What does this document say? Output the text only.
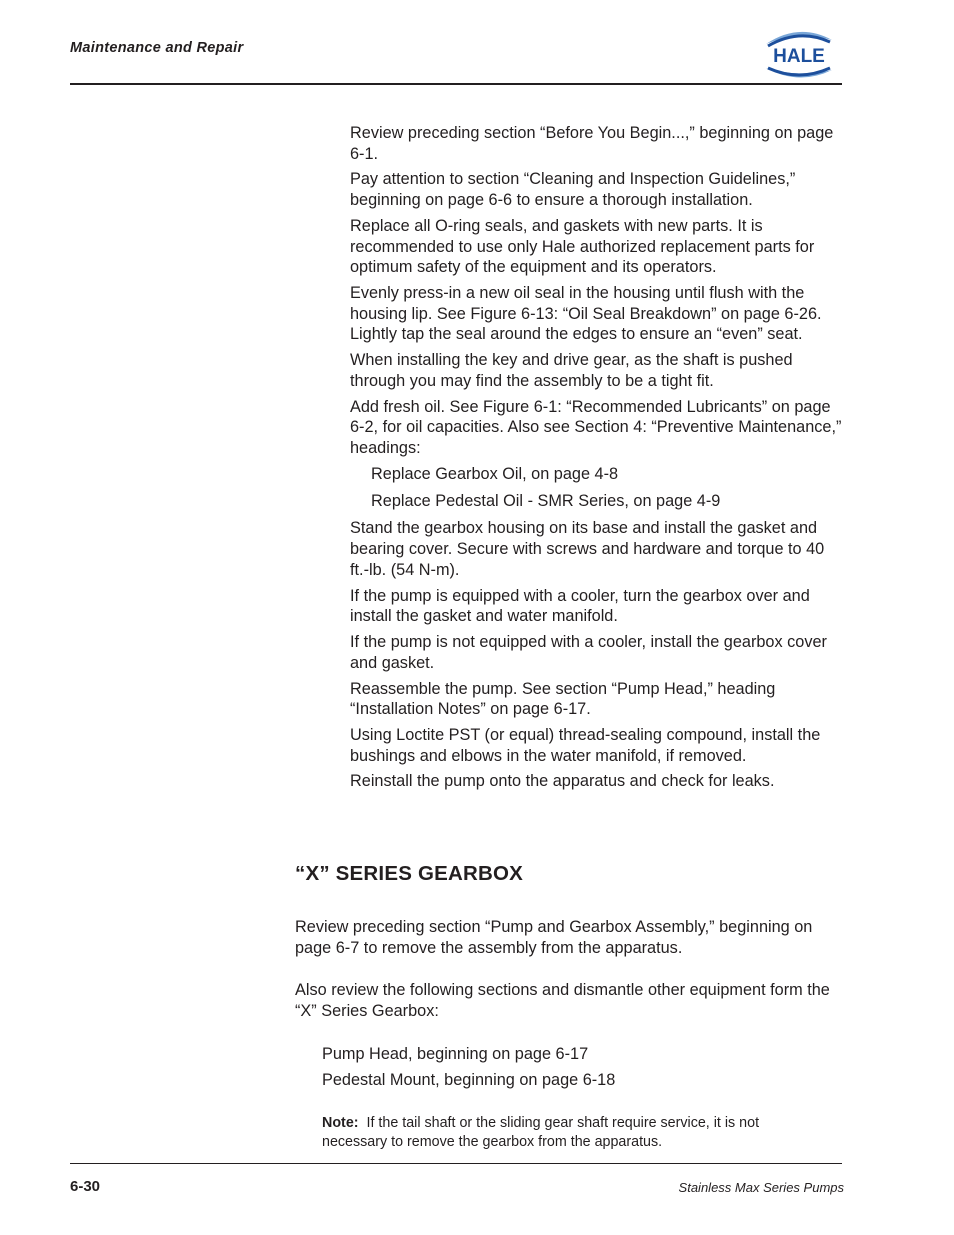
Maintenance and Repair	HALE
Review preceding section “Before You Begin...,” beginning on page 6-1.
Pay attention to section “Cleaning and Inspection Guidelines,” beginning on page 6-6 to ensure a thorough installation.
Replace all O-ring seals, and gaskets with new parts. It is recommended to use only Hale authorized replacement parts for optimum safety of the equipment and its operators.
Evenly press-in a new oil seal in the housing until flush with the housing lip. See Figure 6-13: “Oil Seal Breakdown” on page 6-26. Lightly tap the seal around the edges to ensure an “even” seat.
When installing the key and drive gear, as the shaft is pushed through you may find the assembly to be a tight fit.
Add fresh oil. See Figure 6-1: “Recommended Lubricants” on page 6-2, for oil capacities. Also see Section 4: “Preventive Maintenance,” headings:
Replace Gearbox Oil, on page 4-8
Replace Pedestal Oil - SMR Series, on page 4-9
Stand the gearbox housing on its base and install the gasket and bearing cover. Secure with screws and hardware and torque to 40 ft.-lb. (54 N-m).
If the pump is equipped with a cooler, turn the gearbox over and install the gasket and water manifold.
If the pump is not equipped with a cooler, install the gearbox cover and gasket.
Reassemble the pump. See section “Pump Head,” heading “Installation Notes” on page 6-17.
Using Loctite PST (or equal) thread-sealing compound, install the bushings and elbows in the water manifold, if removed.
Reinstall the pump onto the apparatus and check for leaks.
“X” SERIES GEARBOX
Review preceding section “Pump and Gearbox Assembly,” beginning on page 6-7 to remove the assembly from the apparatus.
Also review the following sections and dismantle other equipment form the “X” Series Gearbox:
Pump Head, beginning on page 6-17
Pedestal Mount, beginning on page 6-18
Note: If the tail shaft or the sliding gear shaft require service, it is not necessary to remove the gearbox from the apparatus.
6-30	Stainless Max Series Pumps
